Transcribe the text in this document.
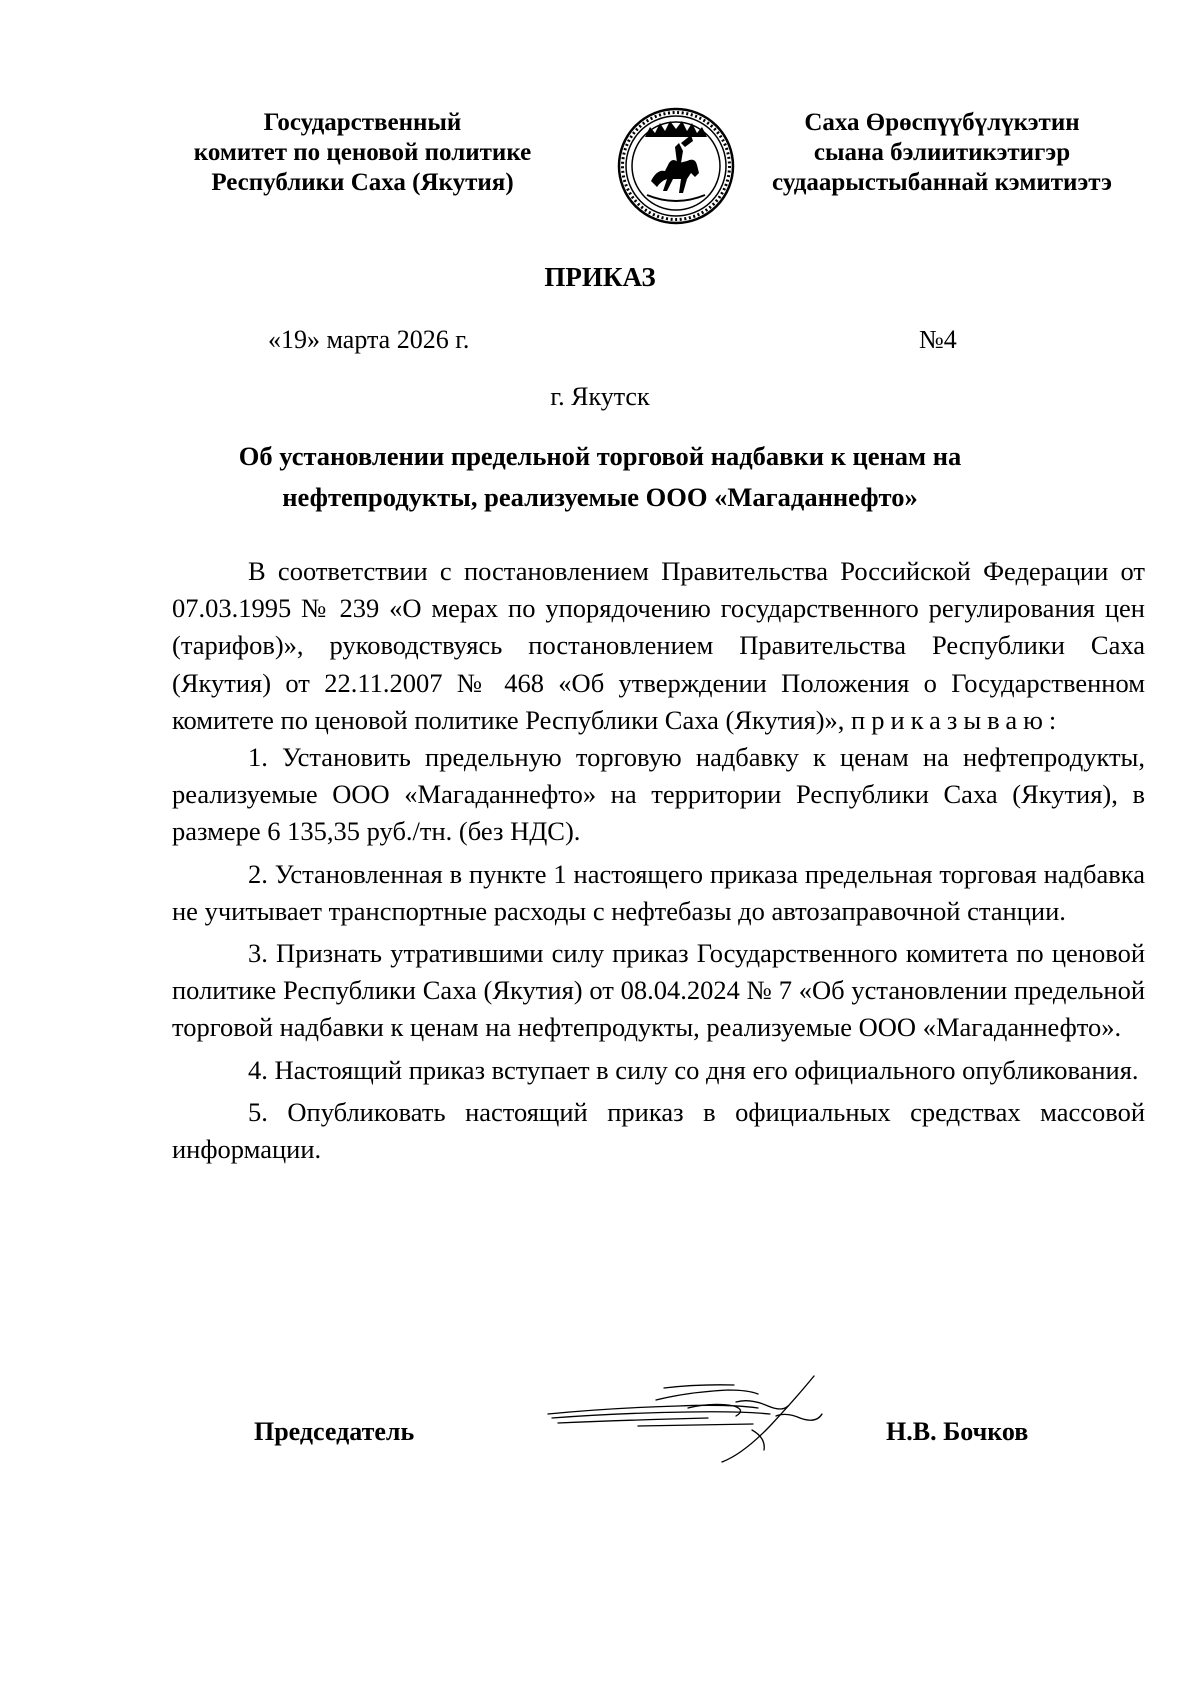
Государственный
комитет по ценовой политике
Республики Саха (Якутия)
Саха Өрөспүүбүлүкэтин
сыана бэлиитикэтигэр
судаарыстыбаннай кэмитиэтэ
ПРИКАЗ
«19» марта 2026 г.	№4
г. Якутск
Об установлении предельной торговой надбавки к ценам на
нефтепродукты, реализуемые ООО «Магаданнефто»

В соответствии с постановлением Правительства Российской Федерации от 07.03.1995 № 239 «О мерах по упорядочению государственного регулирования цен (тарифов)», руководствуясь постановлением Правительства Республики Саха (Якутия) от 22.11.2007 № 468 «Об утверждении Положения о Государственном комитете по ценовой политике Республики Саха (Якутия)», приказываю:

1. Установить предельную торговую надбавку к ценам на нефтепродукты, реализуемые ООО «Магаданнефто» на территории Республики Саха (Якутия), в размере 6 135,35 руб./тн. (без НДС).

2. Установленная в пункте 1 настоящего приказа предельная торговая надбавка не учитывает транспортные расходы с нефтебазы до автозаправочной станции.

3. Признать утратившими силу приказ Государственного комитета по ценовой политике Республики Саха (Якутия) от 08.04.2024 № 7 «Об установлении предельной торговой надбавки к ценам на нефтепродукты, реализуемые ООО «Магаданнефто».

4. Настоящий приказ вступает в силу со дня его официального опубликования.

5. Опубликовать настоящий приказ в официальных средствах массовой информации.

Председатель	Н.В. Бочков
